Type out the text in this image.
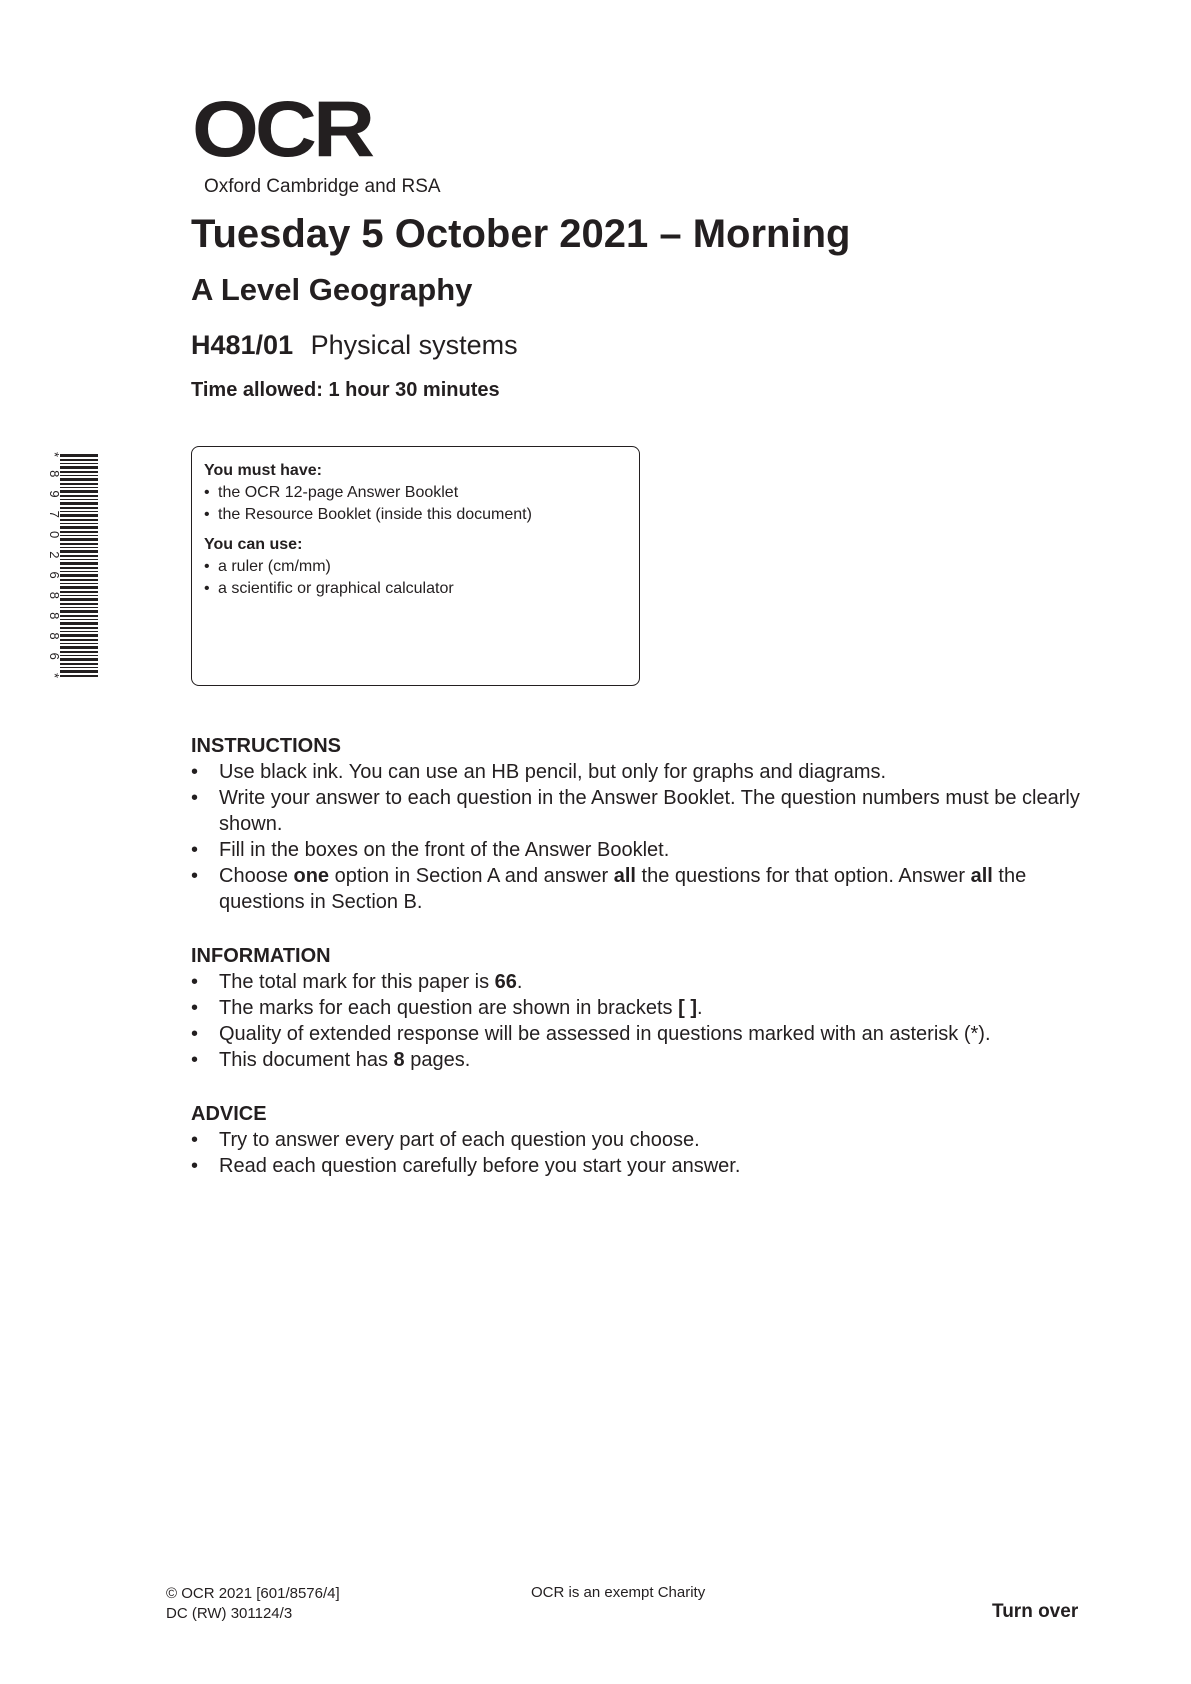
OCR
Oxford Cambridge and RSA
Tuesday 5 October 2021 – Morning
A Level Geography
H481/01 Physical systems
Time allowed: 1 hour 30 minutes
*8970268886*
You must have:
• the OCR 12-page Answer Booklet
• the Resource Booklet (inside this document)
You can use:
• a ruler (cm/mm)
• a scientific or graphical calculator
INSTRUCTIONS
• Use black ink. You can use an HB pencil, but only for graphs and diagrams.
• Write your answer to each question in the Answer Booklet. The question numbers must be clearly shown.
• Fill in the boxes on the front of the Answer Booklet.
• Choose one option in Section A and answer all the questions for that option. Answer all the questions in Section B.
INFORMATION
• The total mark for this paper is 66.
• The marks for each question are shown in brackets [ ].
• Quality of extended response will be assessed in questions marked with an asterisk (*).
• This document has 8 pages.
ADVICE
• Try to answer every part of each question you choose.
• Read each question carefully before you start your answer.
© OCR 2021 [601/8576/4]
DC (RW) 301124/3
OCR is an exempt Charity
Turn over
